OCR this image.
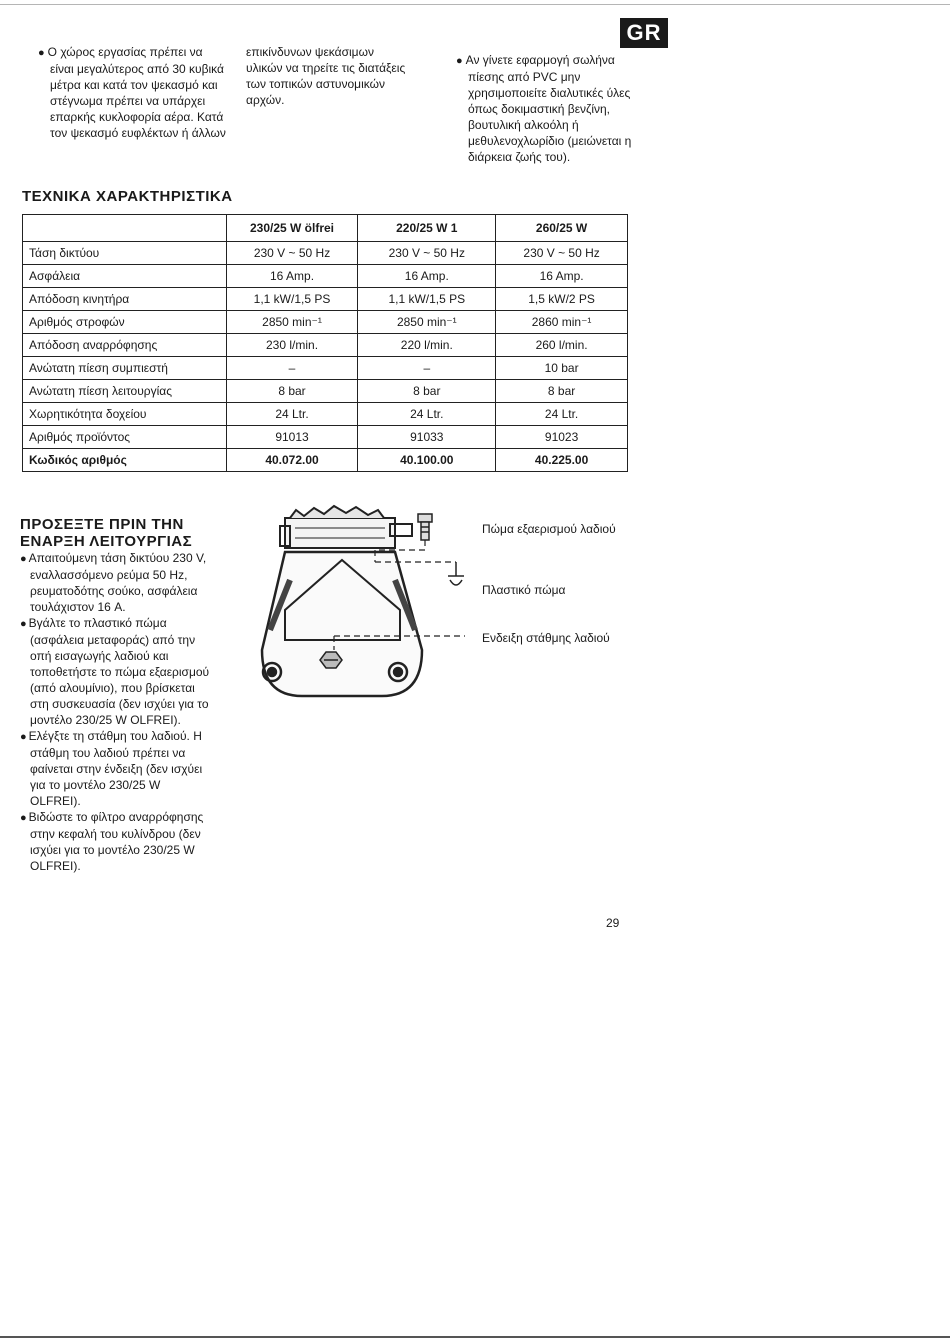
GR

● Ο χώρος εργασίας πρέπει να είναι μεγαλύτερος από 30 κυβικά μέτρα και κατά τον ψεκασμό και στέγνωμα πρέπει να υπάρχει επαρκής κυκλοφορία αέρα. Κατά τον ψεκασμό ευφλέκτων ή άλλων

επικίνδυνων ψεκάσιμων υλικών να τηρείτε τις διατάξεις των τοπικών αστυνομικών αρχών.

● Αν γίνετε εφαρμογή σωλήνα πίεσης από PVC μην χρησιμοποιείτε διαλυτικές ύλες όπως δοκιμαστική βενζίνη, βουτυλική αλκοόλη ή μεθυλενοχλωρίδιο (μειώνεται η διάρκεια ζωής του).

ΤΕΧΝΙΚΑ ΧΑΡΑΚΤΗΡΙΣΤΙΚΑ
	230/25 W ölfrei	220/25 W 1	260/25 W
Τάση δικτύου	230 V ~ 50 Hz	230 V ~ 50 Hz	230 V ~ 50 Hz
Ασφάλεια	16 Amp.	16 Amp.	16 Amp.
Απόδοση κινητήρα	1,1 kW/1,5 PS	1,1 kW/1,5 PS	1,5 kW/2 PS
Αριθμός στροφών	2850 min⁻¹	2850 min⁻¹	2860 min⁻¹
Απόδοση αναρρόφησης	230 l/min.	220 l/min.	260 l/min.
Ανώτατη πίεση συμπιεστή	–	–	10 bar
Ανώτατη πίεση λειτουργίας	8 bar	8 bar	8 bar
Χωρητικότητα δοχείου	24 Ltr.	24 Ltr.	24 Ltr.
Αριθμός προϊόντος	91013	91033	91023
Κωδικός αριθμός	40.072.00	40.100.00	40.225.00
ΠΡΟΣΕΞΤΕ ΠΡΙΝ ΤΗΝ
ΕΝΑΡΞΗ ΛΕΙΤΟΥΡΓΙΑΣ

● Απαιτούμενη τάση δικτύου 230 V, εναλλασσόμενο ρεύμα 50 Hz, ρευματοδότης σούκο, ασφάλεια τουλάχιστον 16 A.

● Βγάλτε το πλαστικό πώμα (ασφάλεια μεταφοράς) από την οπή εισαγωγής λαδιού και τοποθετήστε το πώμα εξαερισμού (από αλουμίνιο), που βρίσκεται στη συσκευασία (δεν ισχύει για το μοντέλο 230/25 W OLFREI).

● Ελέγξτε τη στάθμη του λαδιού. Η στάθμη του λαδιού πρέπει να φαίνεται στην ένδειξη (δεν ισχύει για το μοντέλο 230/25 W OLFREI).

● Βιδώστε το φίλτρο αναρρόφησης στην κεφαλή του κυλίνδρου (δεν ισχύει για το μοντέλο 230/25 W OLFREI).

Πώμα εξαερισμού λαδιού
Πλαστικό πώμα
Ενδειξη στάθμης λαδιού
29
